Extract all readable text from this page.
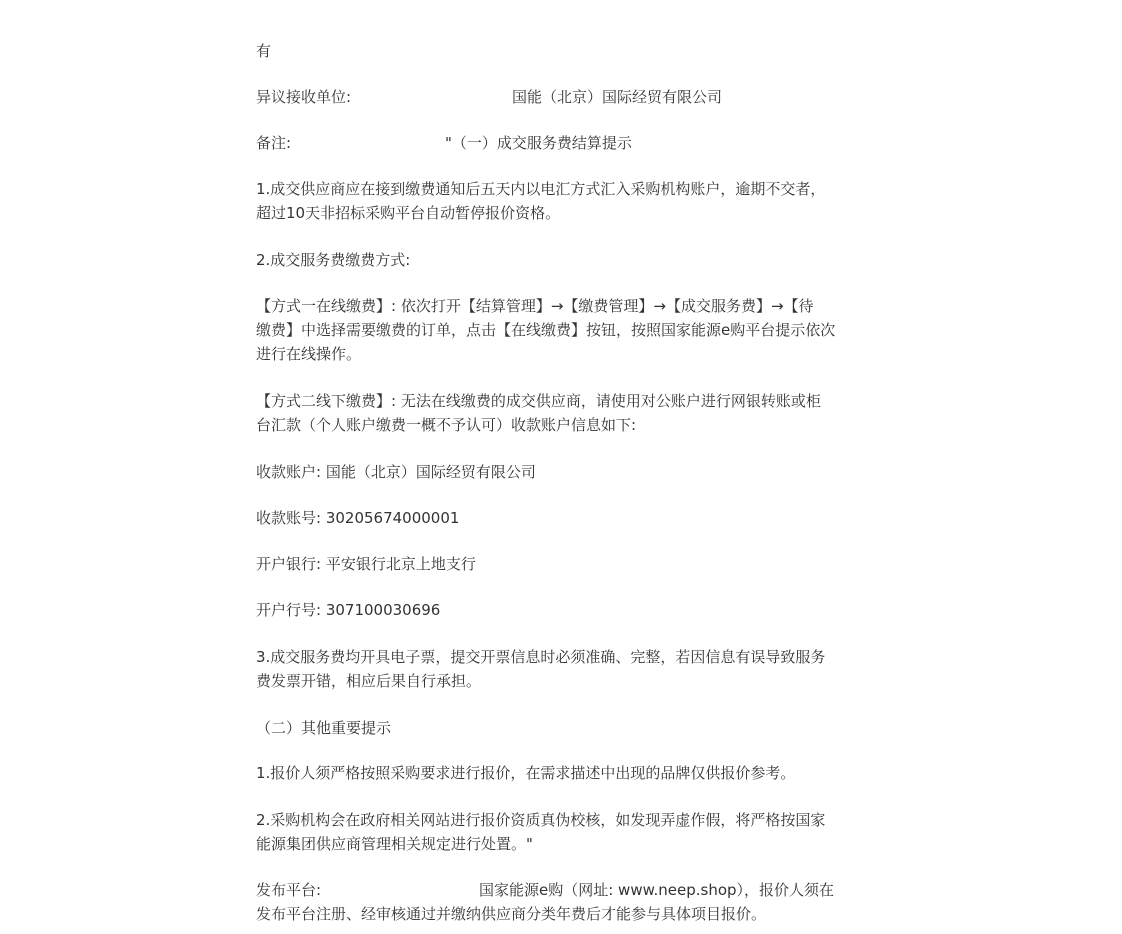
有
异议接收单位:	国能（北京）国际经贸有限公司
备注:	"（一）成交服务费结算提示
1.成交供应商应在接到缴费通知后五天内以电汇方式汇入采购机构账户，逾期不交者，
超过10天非招标采购平台自动暂停报价资格。
2.成交服务费缴费方式:
【方式一在线缴费】: 依次打开【结算管理】→【缴费管理】→【成交服务费】→【待
缴费】中选择需要缴费的订单，点击【在线缴费】按钮，按照国家能源e购平台提示依次
进行在线操作。
【方式二线下缴费】: 无法在线缴费的成交供应商，请使用对公账户进行网银转账或柜
台汇款（个人账户缴费一概不予认可）收款账户信息如下:
收款账户: 国能（北京）国际经贸有限公司
收款账号: 30205674000001
开户银行: 平安银行北京上地支行
开户行号: 307100030696
3.成交服务费均开具电子票，提交开票信息时必须准确、完整，若因信息有误导致服务
费发票开错，相应后果自行承担。
（二）其他重要提示
1.报价人须严格按照采购要求进行报价，在需求描述中出现的品牌仅供报价参考。
2.采购机构会在政府相关网站进行报价资质真伪校核，如发现弄虚作假，将严格按国家
能源集团供应商管理相关规定进行处置。"
发布平台:	国家能源e购（网址: www.neep.shop），报价人须在
发布平台注册、经审核通过并缴纳供应商分类年费后才能参与具体项目报价。
